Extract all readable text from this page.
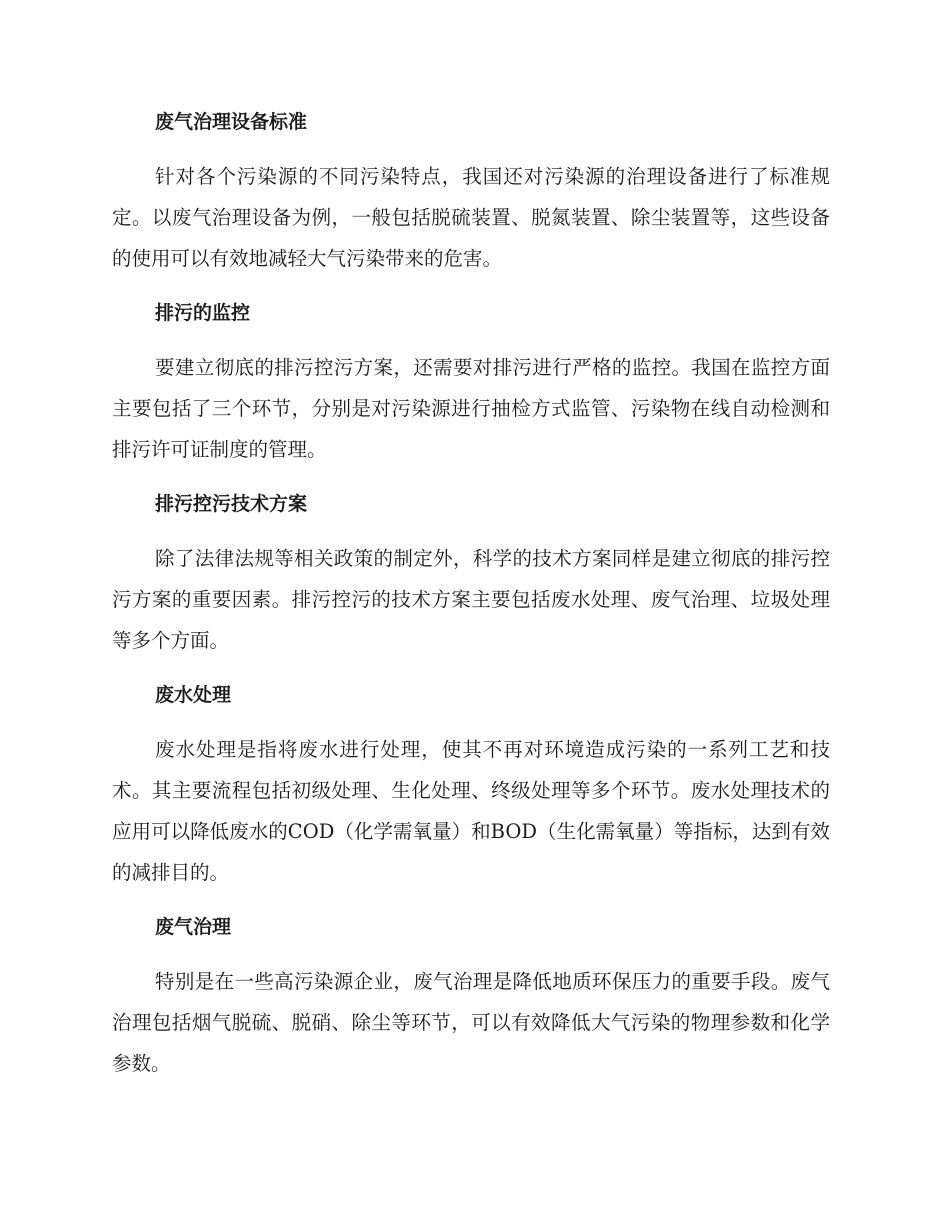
废气治理设备标准
针对各个污染源的不同污染特点，我国还对污染源的治理设备进行了标准规定。以废气治理设备为例，一般包括脱硫装置、脱氮装置、除尘装置等，这些设备的使用可以有效地减轻大气污染带来的危害。
排污的监控
要建立彻底的排污控污方案，还需要对排污进行严格的监控。我国在监控方面主要包括了三个环节，分别是对污染源进行抽检方式监管、污染物在线自动检测和排污许可证制度的管理。
排污控污技术方案
除了法律法规等相关政策的制定外，科学的技术方案同样是建立彻底的排污控污方案的重要因素。排污控污的技术方案主要包括废水处理、废气治理、垃圾处理等多个方面。
废水处理
废水处理是指将废水进行处理，使其不再对环境造成污染的一系列工艺和技术。其主要流程包括初级处理、生化处理、终级处理等多个环节。废水处理技术的应用可以降低废水的COD（化学需氧量）和BOD（生化需氧量）等指标，达到有效的减排目的。
废气治理
特别是在一些高污染源企业，废气治理是降低地质环保压力的重要手段。废气治理包括烟气脱硫、脱硝、除尘等环节，可以有效降低大气污染的物理参数和化学参数。
